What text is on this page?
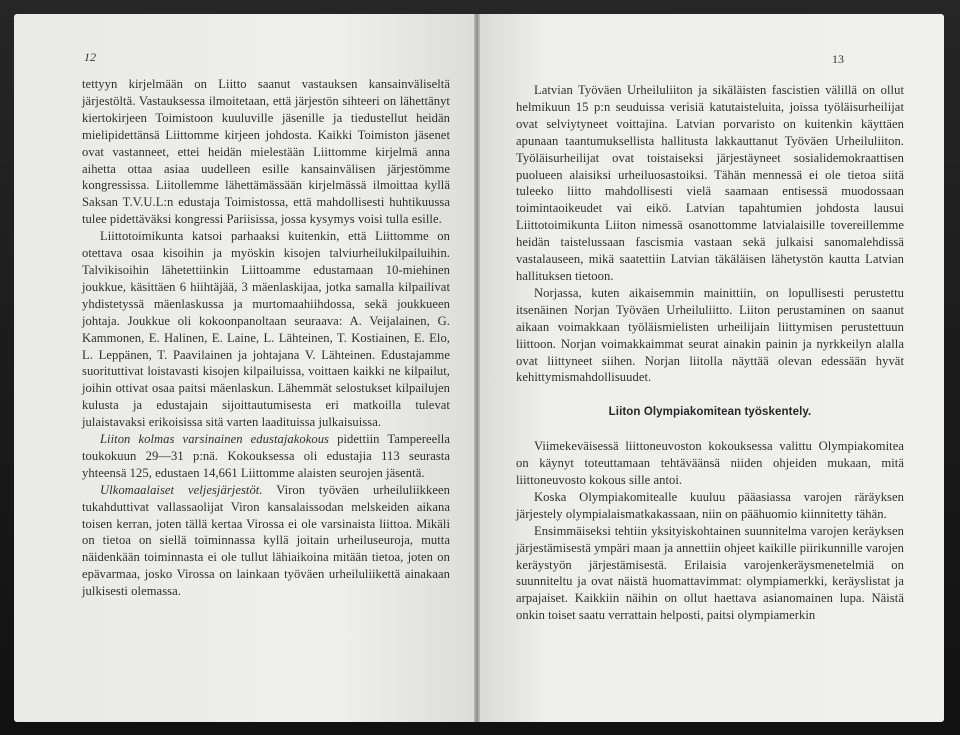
12

tettyyn kirjelmään on Liitto saanut vastauksen kansainväliseltä järjestöltä. Vastauksessa ilmoitetaan, että järjestön sihteeri on lähettänyt kiertokirjeen Toimistoon kuuluville jäsenille ja tiedustellut heidän mielipidettänsä Liittomme kirjeen johdosta. Kaikki Toimiston jäsenet ovat vastanneet, ettei heidän mielestään Liittomme kirjelmä anna aihetta ottaa asiaa uudelleen esille kansainvälisen järjestömme kongressissa. Liitollemme lähettämässään kirjelmässä ilmoittaa kyllä Saksan T.V.U.L:n edustaja Toimistossa, että mahdollisesti huhtikuussa tulee pidettäväksi kongressi Pariisissa, jossa kysymys voisi tulla esille.

Liittotoimikunta katsoi parhaaksi kuitenkin, että Liittomme on otettava osaa kisoihin ja myöskin kisojen talviurheilukilpailuihin. Talvikisoihin lähetettiinkin Liittoamme edustamaan 10-miehinen joukkue, käsittäen 6 hiihtäjää, 3 mäenlaskijaa, jotka samalla kilpailivat yhdistetyssä mäenlaskussa ja murtomaahiihdossa, sekä joukkueen johtaja. Joukkue oli kokoonpanoltaan seuraava: A. Veijalainen, G. Kammonen, E. Halinen, E. Laine, L. Lähteinen, T. Kostiainen, E. Elo, L. Leppänen, T. Paavilainen ja johtajana V. Lähteinen. Edustajamme suorituttivat loistavasti kisojen kilpailuissa, voittaen kaikki ne kilpailut, joihin ottivat osaa paitsi mäenlaskun. Lähemmät selostukset kilpailujen kulusta ja edustajain sijoittautumisesta eri matkoilla tulevat julaistavaksi erikoisissa sitä varten laadituissa julkaisuissa.

Liiton kolmas varsinainen edustajakokous pidettiin Tampereella toukokuun 29—31 p:nä. Kokouksessa oli edustajia 113 seurasta yhteensä 125, edustaen 14,661 Liittomme alaisten seurojen jäsentä.

Ulkomaalaiset veljesjärjestöt. Viron työväen urheiluliikkeen tukahduttivat vallassaolijat Viron kansalaissodan melskeiden aikana toisen kerran, joten tällä kertaa Virossa ei ole varsinaista liittoa. Mikäli on tietoa on siellä toiminnassa kyllä joitain urheiluseuroja, mutta näidenkään toiminnasta ei ole tullut lähiaikoina mitään tietoa, joten on epävarmaa, josko Virossa on lainkaan työväen urheiluliikettä ainakaan julkisesti olemassa.

13

Latvian Työväen Urheiluliiton ja sikäläisten fascistien välillä on ollut helmikuun 15 p:n seuduissa verisiä katutaisteluita, joissa työläisurheilijat ovat selviytyneet voittajina. Latvian porvaristo on kuitenkin käyttäen apunaan taantumuksellista hallitusta lakkauttanut Työväen Urheiluliiton. Työläisurheilijat ovat toistaiseksi järjestäyneet sosialidemokraattisen puolueen alaisiksi urheiluosastoiksi. Tähän mennessä ei ole tietoa siitä tuleeko liitto mahdollisesti vielä saamaan entisessä muodossaan toimintaoikeudet vai eikö. Latvian tapahtumien johdosta lausui Liittotoimikunta Liiton nimessä osanottomme latvialaisille tovereillemme heidän taistelussaan fascismia vastaan sekä julkaisi sanomalehdissä vastalauseen, mikä saatettiin Latvian täkäläisen lähetystön kautta Latvian hallituksen tietoon.

Norjassa, kuten aikaisemmin mainittiin, on lopullisesti perustettu itsenäinen Norjan Työväen Urheiluliitto. Liiton perustaminen on saanut aikaan voimakkaan työläismielisten urheilijain liittymisen perustettuun liittoon. Norjan voimakkaimmat seurat ainakin painin ja nyrkkeilyn alalla ovat liittyneet siihen. Norjan liitolla näyttää olevan edessään hyvät kehittymismahdollisuudet.

Liiton Olympiakomitean työskentely.

Viimekeväisessä liittoneuvoston kokouksessa valittu Olympiakomitea on käynyt toteuttamaan tehtäväänsä niiden ohjeiden mukaan, mitä liittoneuvosto kokous sille antoi.

Koska Olympiakomitealle kuuluu pääasiassa varojen räräyksen järjestely olympialaismatkakassaan, niin on päähuomio kiinnitetty tähän.

Ensimmäiseksi tehtiin yksityiskohtainen suunnitelma varojen keräyksen järjestämisestä ympäri maan ja annettiin ohjeet kaikille piirikunnille varojen keräystyön järjestämisestä. Erilaisia varojenkeräysmenetelmiä on suunniteltu ja ovat näistä huomattavimmat: olympiamerkki, keräyslistat ja arpajaiset. Kaikkiin näihin on ollut haettava asianomainen lupa. Näistä onkin toiset saatu verrattain helposti, paitsi olympiamerkin
